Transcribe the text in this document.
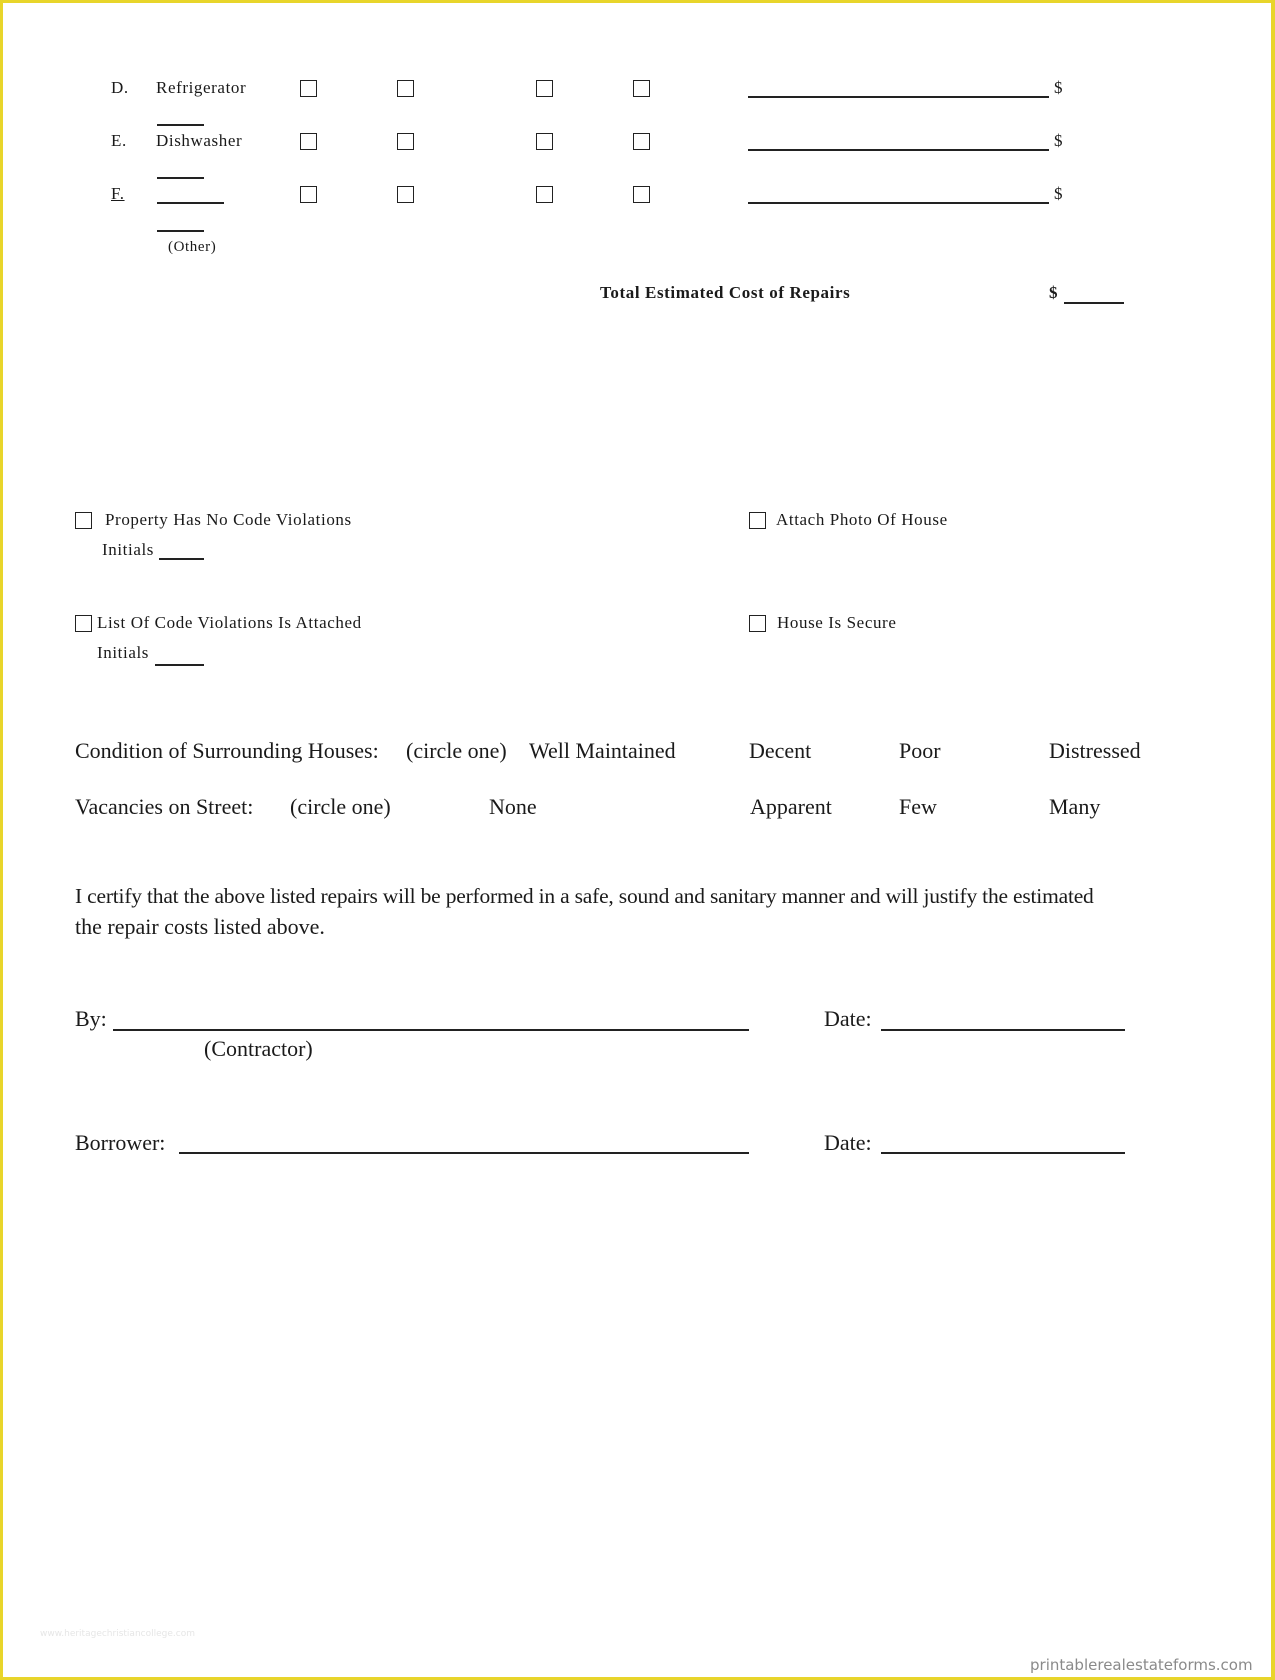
D. Refrigerator	$
E. Dishwasher	$
F.	$
(Other)
Total Estimated Cost of Repairs	$
Property Has No Code Violations
Initials
Attach Photo Of House
List Of Code Violations Is Attached
Initials
House Is Secure
Condition of Surrounding Houses: (circle one) Well Maintained	Decent	Poor	Distressed
Vacancies on Street: (circle one)	None	Apparent	Few	Many
I certify that the above listed repairs will be performed in a safe, sound and sanitary manner and will justify the estimated
the repair costs listed above.
By:
(Contractor)
Date:
Borrower:	Date:
www.heritagechristiancollege.com
printablerealestateforms.com
